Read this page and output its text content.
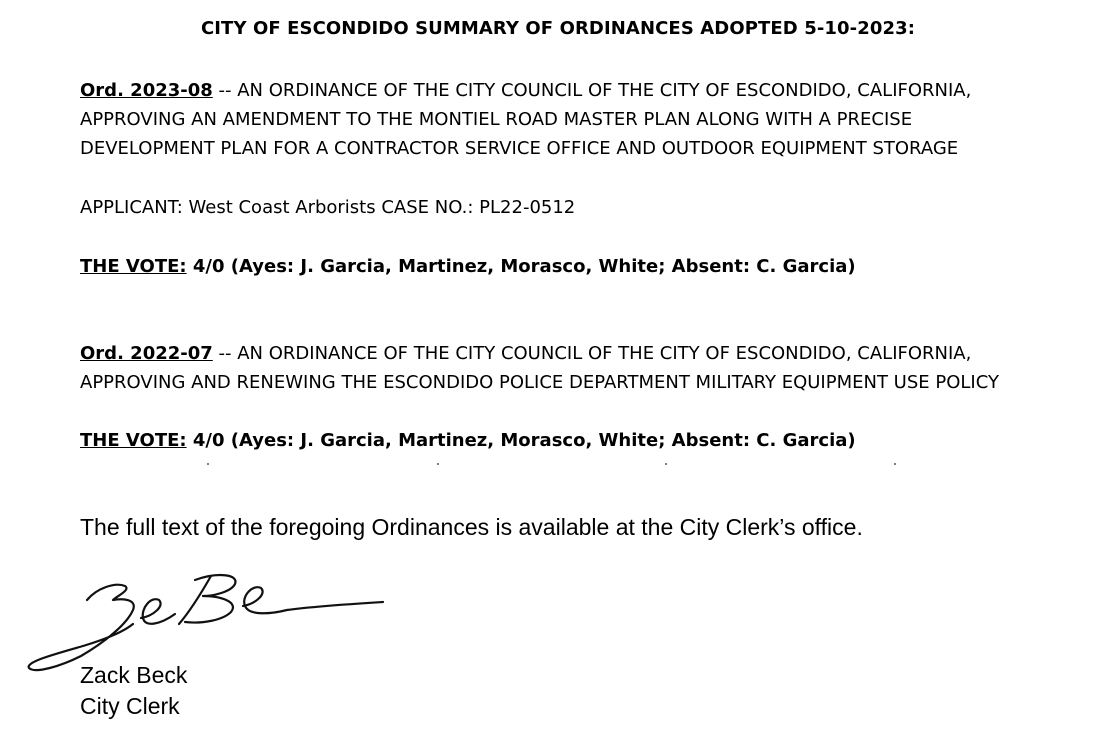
CITY OF ESCONDIDO SUMMARY OF ORDINANCES ADOPTED 5-10-2023:
Ord. 2023-08 -- AN ORDINANCE OF THE CITY COUNCIL OF THE CITY OF ESCONDIDO, CALIFORNIA,
APPROVING AN AMENDMENT TO THE MONTIEL ROAD MASTER PLAN ALONG WITH A PRECISE
DEVELOPMENT PLAN FOR A CONTRACTOR SERVICE OFFICE AND OUTDOOR EQUIPMENT STORAGE
APPLICANT: West Coast Arborists CASE NO.: PL22-0512
THE VOTE: 4/0 (Ayes: J. Garcia, Martinez, Morasco, White; Absent: C. Garcia)
Ord. 2022-07 -- AN ORDINANCE OF THE CITY COUNCIL OF THE CITY OF ESCONDIDO, CALIFORNIA,
APPROVING AND RENEWING THE ESCONDIDO POLICE DEPARTMENT MILITARY EQUIPMENT USE POLICY
THE VOTE: 4/0 (Ayes: J. Garcia, Martinez, Morasco, White; Absent: C. Garcia)
The full text of the foregoing Ordinances is available at the City Clerk’s office.
Zack Beck
City Clerk
